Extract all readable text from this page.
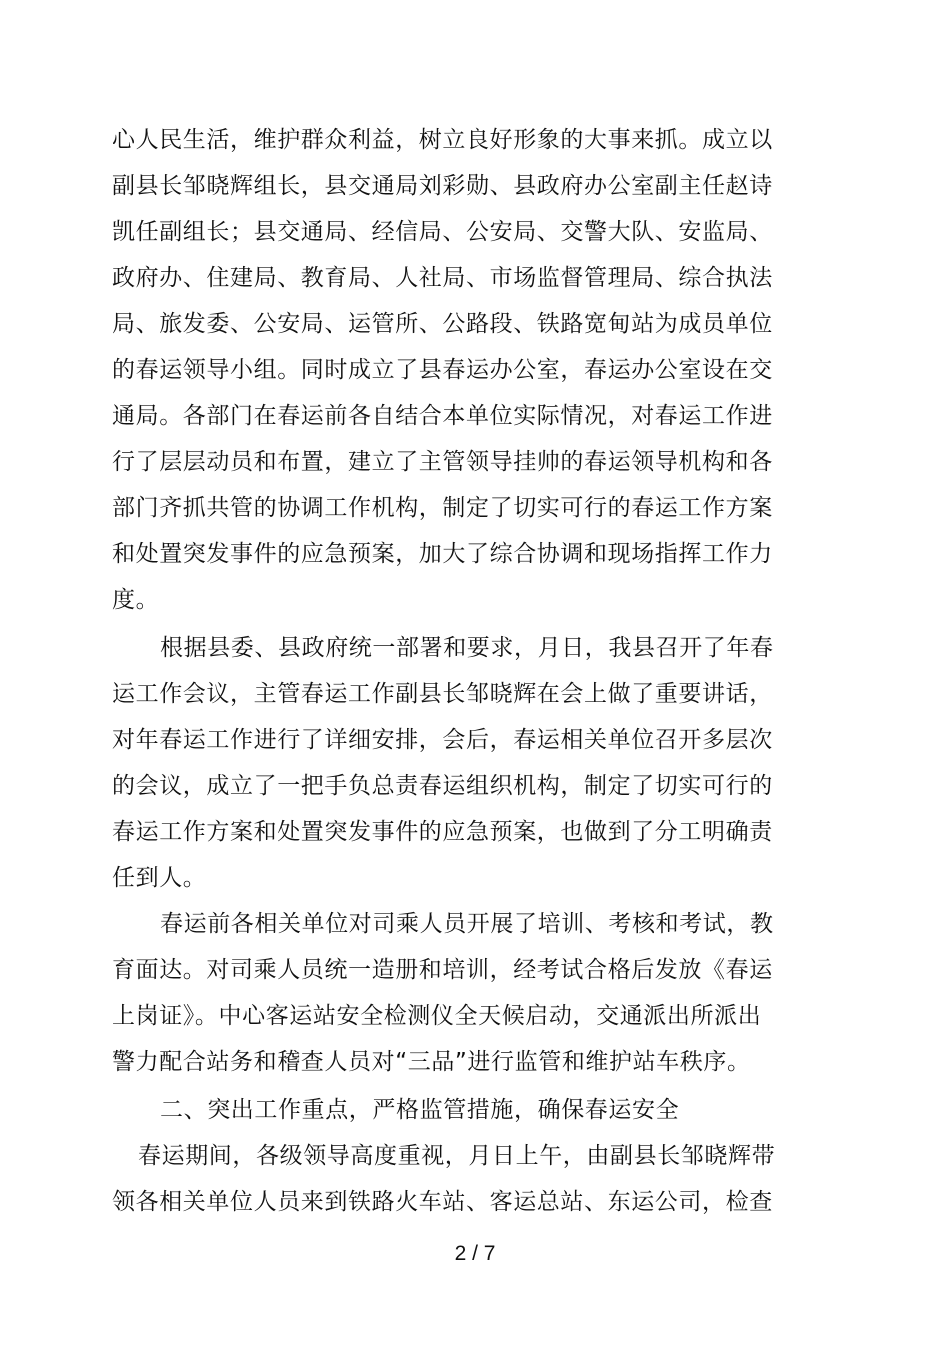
心人民生活，维护群众利益，树立良好形象的大事来抓。成立以
副县长邹晓辉组长，县交通局刘彩勋、县政府办公室副主任赵诗
凯任副组长；县交通局、经信局、公安局、交警大队、安监局、
政府办、住建局、教育局、人社局、市场监督管理局、综合执法
局、旅发委、公安局、运管所、公路段、铁路宽甸站为成员单位
的春运领导小组。同时成立了县春运办公室，春运办公室设在交
通局。各部门在春运前各自结合本单位实际情况，对春运工作进
行了层层动员和布置，建立了主管领导挂帅的春运领导机构和各
部门齐抓共管的协调工作机构，制定了切实可行的春运工作方案
和处置突发事件的应急预案，加大了综合协调和现场指挥工作力
度。
根据县委、县政府统一部署和要求，月日，我县召开了年春
运工作会议，主管春运工作副县长邹晓辉在会上做了重要讲话，
对年春运工作进行了详细安排，会后，春运相关单位召开多层次
的会议，成立了一把手负总责春运组织机构，制定了切实可行的
春运工作方案和处置突发事件的应急预案，也做到了分工明确责
任到人。
春运前各相关单位对司乘人员开展了培训、考核和考试，教
育面达。对司乘人员统一造册和培训，经考试合格后发放《春运
上岗证》。中心客运站安全检测仪全天候启动，交通派出所派出
警力配合站务和稽查人员对“三品”进行监管和维护站车秩序。
二、突出工作重点，严格监管措施，确保春运安全
春运期间，各级领导高度重视，月日上午，由副县长邹晓辉带
领各相关单位人员来到铁路火车站、客运总站、东运公司，检查
2 / 7
